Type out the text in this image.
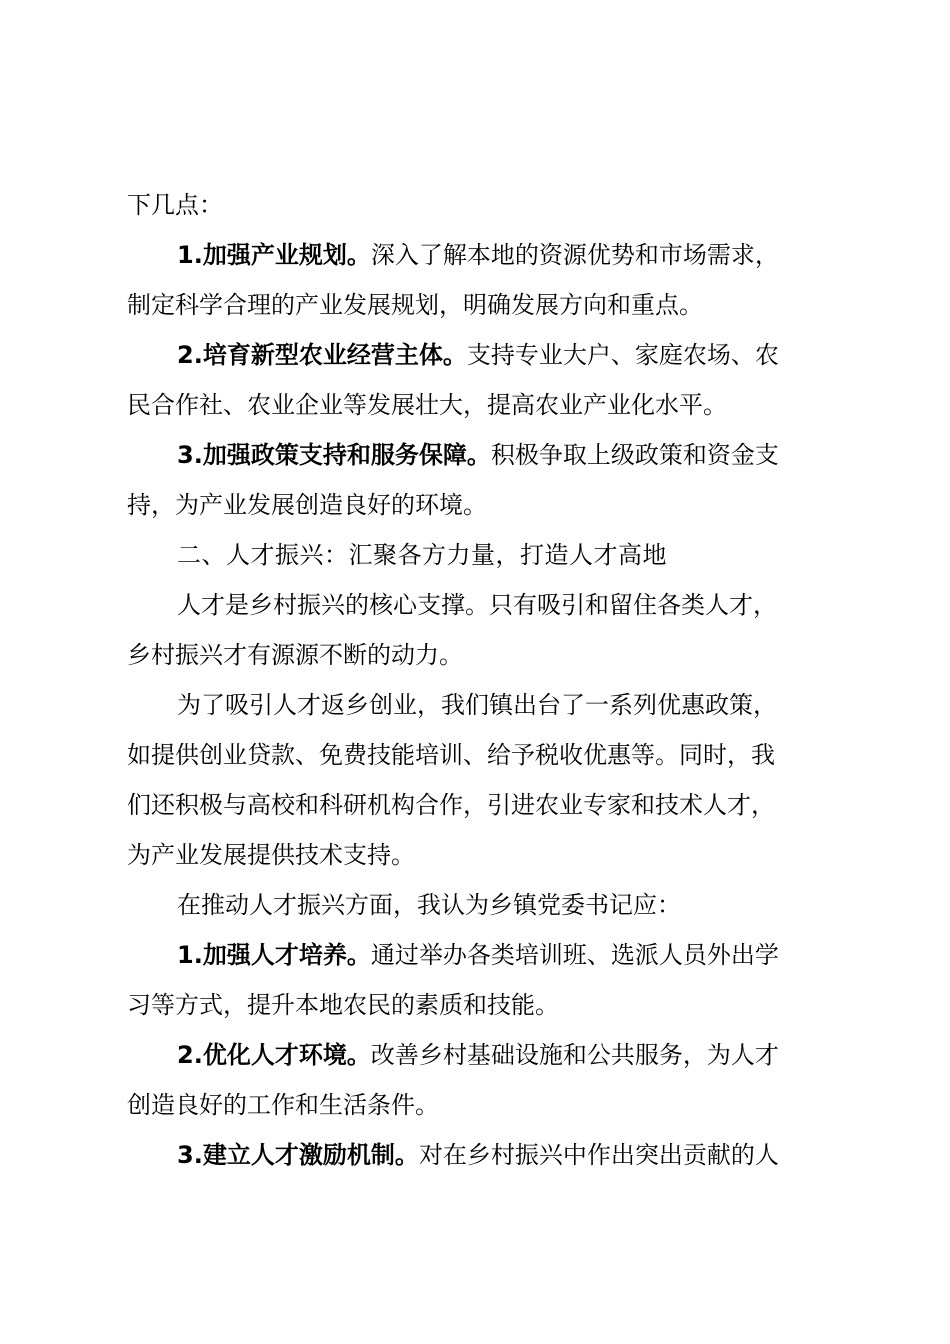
下几点：
1.加强产业规划。深入了解本地的资源优势和市场需求，
制定科学合理的产业发展规划，明确发展方向和重点。
2.培育新型农业经营主体。支持专业大户、家庭农场、农
民合作社、农业企业等发展壮大，提高农业产业化水平。
3.加强政策支持和服务保障。积极争取上级政策和资金支
持，为产业发展创造良好的环境。
二、人才振兴：汇聚各方力量，打造人才高地
人才是乡村振兴的核心支撑。只有吸引和留住各类人才，
乡村振兴才有源源不断的动力。
为了吸引人才返乡创业，我们镇出台了一系列优惠政策，
如提供创业贷款、免费技能培训、给予税收优惠等。同时，我
们还积极与高校和科研机构合作，引进农业专家和技术人才，
为产业发展提供技术支持。
在推动人才振兴方面，我认为乡镇党委书记应：
1.加强人才培养。通过举办各类培训班、选派人员外出学
习等方式，提升本地农民的素质和技能。
2.优化人才环境。改善乡村基础设施和公共服务，为人才
创造良好的工作和生活条件。
3.建立人才激励机制。对在乡村振兴中作出突出贡献的人
